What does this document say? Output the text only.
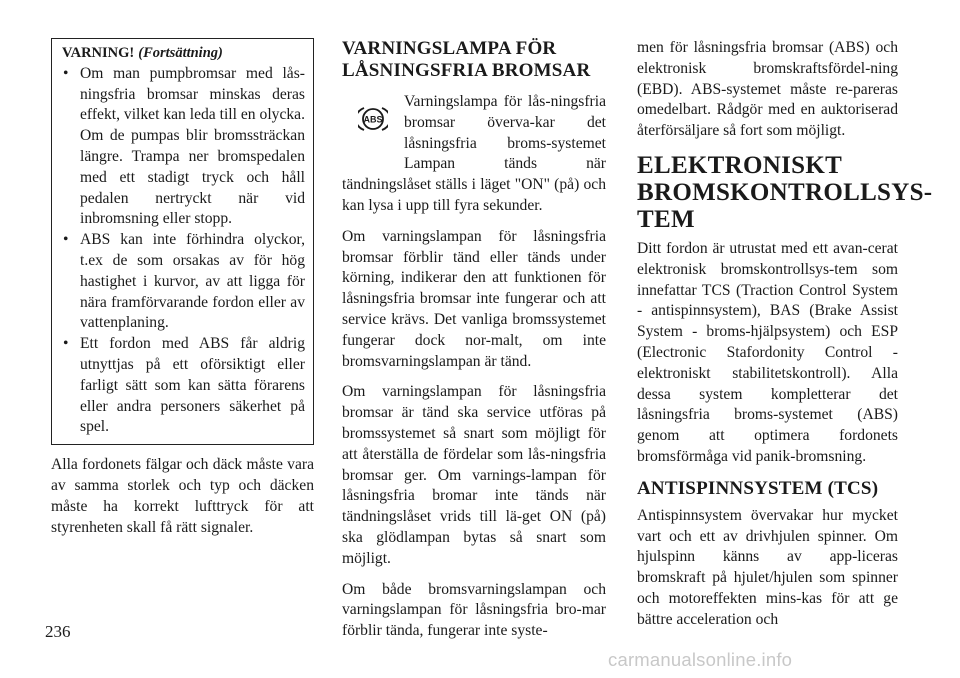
VARNING! (Fortsättning)
• Om man pumpbromsar med lås-ningsfria bromsar minskas deras effekt, vilket kan leda till en olycka. Om de pumpas blir bromssträckan längre. Trampa ner bromspedalen med ett stadigt tryck och håll pedalen nertryckt när vid inbromsning eller stopp.
• ABS kan inte förhindra olyckor, t.ex de som orsakas av för hög hastighet i kurvor, av att ligga för nära framförvarande fordon eller av vattenplaning.
• Ett fordon med ABS får aldrig utnyttjas på ett oförsiktigt eller farligt sätt som kan sätta förarens eller andra personers säkerhet på spel.

Alla fordonets fälgar och däck måste vara av samma storlek och typ och däcken måste ha korrekt lufttryck för att styrenheten skall få rätt signaler.

VARNINGSLAMPA FÖR LÅSNINGSFRIA BROMSAR

ABS
Varningslampa för lås-ningsfria bromsar överva-kar det låsningsfria broms-systemet Lampan tänds när tändningslåset ställs i läget "ON" (på) och kan lysa i upp till fyra sekunder.

Om varningslampan för låsningsfria bromsar förblir tänd eller tänds under körning, indikerar den att funktionen för låsningsfria bromsar inte fungerar och att service krävs. Det vanliga bromssystemet fungerar dock nor-malt, om inte bromsvarningslampan är tänd.

Om varningslampan för låsningsfria bromsar är tänd ska service utföras på bromssystemet så snart som möjligt för att återställa de fördelar som lås-ningsfria bromsar ger. Om varnings-lampan för låsningsfria bromar inte tänds när tändningslåset vrids till lä-get ON (på) ska glödlampan bytas så snart som möjligt.

Om både bromsvarningslampan och varningslampan för låsningsfria bro-mar förblir tända, fungerar inte syste-

men för låsningsfria bromsar (ABS) och elektronisk bromskraftsfördel-ning (EBD). ABS-systemet måste re-pareras omedelbart. Rådgör med en auktoriserad återförsäljare så fort som möjligt.

ELEKTRONISKT BROMSKONTROLLSYS-TEM

Ditt fordon är utrustat med ett avan-cerat elektronisk bromskontrollsys-tem som innefattar TCS (Traction Control System - antispinnsystem), BAS (Brake Assist System - broms-hjälpsystem) och ESP (Electronic Stafordonity Control - elektroniskt stabilitetskontroll). Alla dessa system kompletterar det låsningsfria broms-systemet (ABS) genom att optimera fordonets bromsförmåga vid panik-bromsning.

ANTISPINNSYSTEM (TCS)

Antispinnsystem övervakar hur mycket vart och ett av drivhjulen spinner. Om hjulspinn känns av app-liceras bromskraft på hjulet/hjulen som spinner och motoreffekten mins-kas för att ge bättre acceleration och

236
carmanualsonline.info
